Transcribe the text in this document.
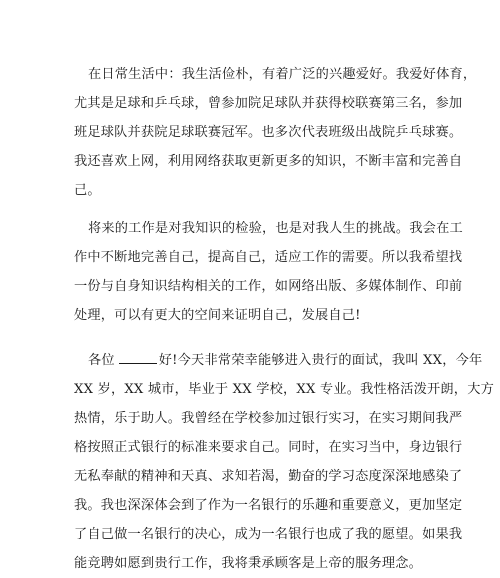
在日常生活中：我生活俭朴，有着广泛的兴趣爱好。我爱好体育，
尤其是足球和乒乓球，曾参加院足球队并获得校联赛第三名，参加
班足球队并获院足球联赛冠军。也多次代表班级出战院乒乓球赛。
我还喜欢上网，利用网络获取更新更多的知识，不断丰富和完善自
己。
将来的工作是对我知识的检验，也是对我人生的挑战。我会在工
作中不断地完善自己，提高自己，适应工作的需要。所以我希望找
一份与自身知识结构相关的工作，如网络出版、多媒体制作、印前
处理，可以有更大的空间来证明自己，发展自己!
各位	好!今天非常荣幸能够进入贵行的面试，我叫 XX，今年
XX 岁，XX 城市，毕业于 XX 学校，XX 专业。我性格活泼开朗，大方
热情，乐于助人。我曾经在学校参加过银行实习，在实习期间我严
格按照正式银行的标准来要求自己。同时，在实习当中，身边银行
无私奉献的精神和天真、求知若渴，勤奋的学习态度深深地感染了
我。我也深深体会到了作为一名银行的乐趣和重要意义，更加坚定
了自己做一名银行的决心，成为一名银行也成了我的愿望。如果我
能竞聘如愿到贵行工作，我将秉承顾客是上帝的服务理念。
